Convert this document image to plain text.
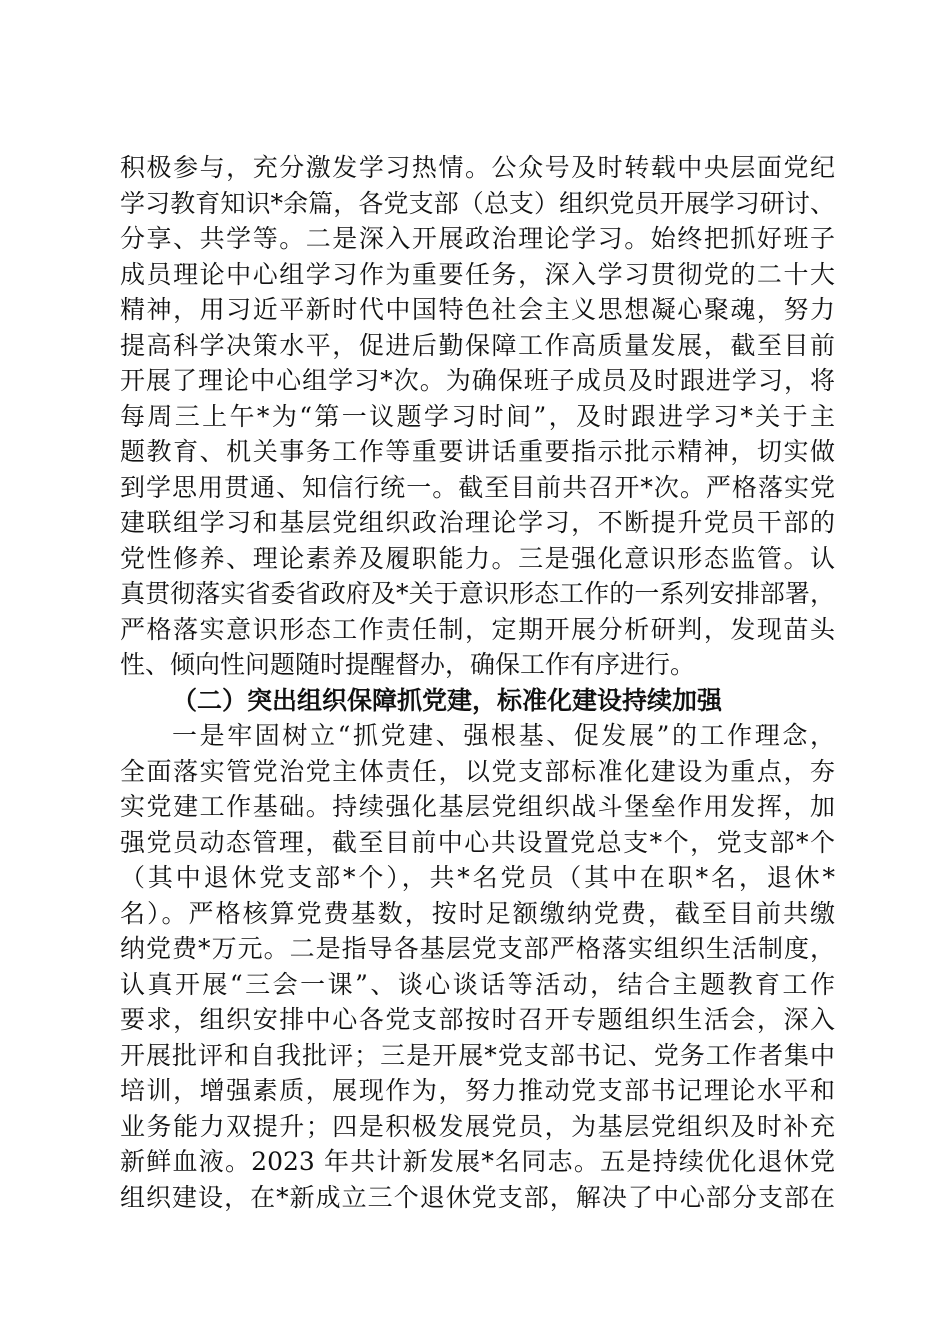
积极参与，充分激发学习热情。公众号及时转载中央层面党纪
学习教育知识*余篇，各党支部（总支）组织党员开展学习研讨、
分享、共学等。二是深入开展政治理论学习。始终把抓好班子
成员理论中心组学习作为重要任务，深入学习贯彻党的二十大
精神，用习近平新时代中国特色社会主义思想凝心聚魂，努力
提高科学决策水平，促进后勤保障工作高质量发展，截至目前
开展了理论中心组学习*次。为确保班子成员及时跟进学习，将
每周三上午*为“第一议题学习时间”，及时跟进学习*关于主
题教育、机关事务工作等重要讲话重要指示批示精神，切实做
到学思用贯通、知信行统一。截至目前共召开*次。严格落实党
建联组学习和基层党组织政治理论学习，不断提升党员干部的
党性修养、理论素养及履职能力。三是强化意识形态监管。认
真贯彻落实省委省政府及*关于意识形态工作的一系列安排部署，
严格落实意识形态工作责任制，定期开展分析研判，发现苗头
性、倾向性问题随时提醒督办，确保工作有序进行。
（二）突出组织保障抓党建，标准化建设持续加强
一是牢固树立“抓党建、强根基、促发展”的工作理念，
全面落实管党治党主体责任，以党支部标准化建设为重点，夯
实党建工作基础。持续强化基层党组织战斗堡垒作用发挥，加
强党员动态管理，截至目前中心共设置党总支*个，党支部*个
（其中退休党支部*个），共*名党员（其中在职*名，退休*
名）。严格核算党费基数，按时足额缴纳党费，截至目前共缴
纳党费*万元。二是指导各基层党支部严格落实组织生活制度，
认真开展“三会一课”、谈心谈话等活动，结合主题教育工作
要求，组织安排中心各党支部按时召开专题组织生活会，深入
开展批评和自我批评；三是开展*党支部书记、党务工作者集中
培训，增强素质，展现作为，努力推动党支部书记理论水平和
业务能力双提升；四是积极发展党员，为基层党组织及时补充
新鲜血液。2023 年共计新发展*名同志。五是持续优化退休党
组织建设，在*新成立三个退休党支部，解决了中心部分支部在
